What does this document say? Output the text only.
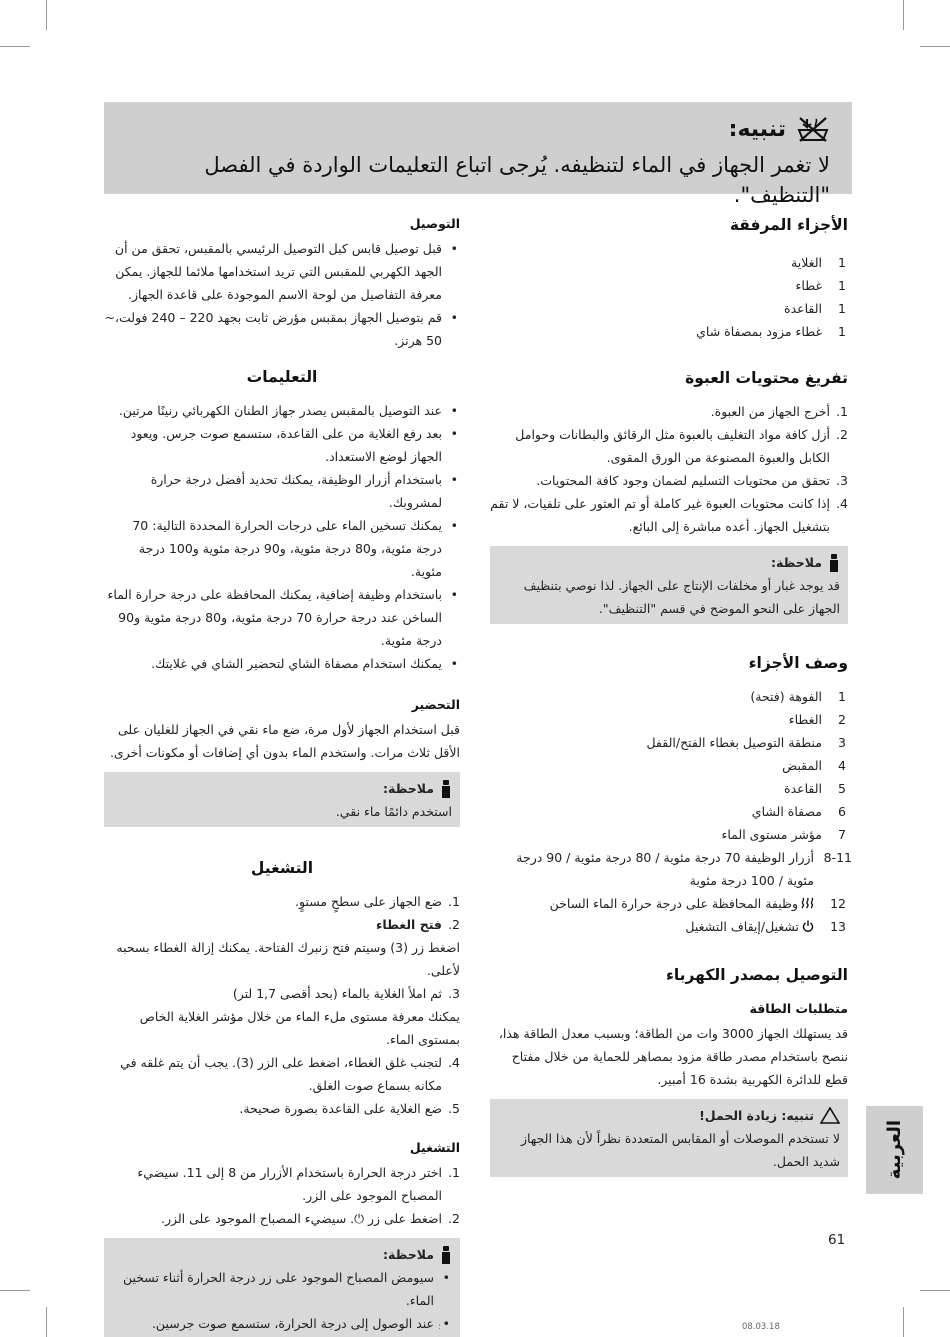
تنبيه:
لا تغمر الجهاز في الماء لتنظيفه. يُرجى اتباع التعليمات الواردة في الفصل "التنظيف".
الأجزاء المرفقة
1
الغلاية
1
غطاء
1
القاعدة
1
غطاء مزود بمصفاة شاي
تفريغ محتويات العبوة
1.
أخرج الجهاز من العبوة.
2.
أزل كافة مواد التغليف بالعبوة مثل الرقائق والبطانات وحوامل الكابل والعبوة المصنوعة من الورق المقوى.
3.
تحقق من محتويات التسليم لضمان وجود كافة المحتويات.
4.
إذا كانت محتويات العبوة غير كاملة أو تم العثور على تلفيات، لا تقم بتشغيل الجهاز. أعده مباشرة إلى البائع.
ملاحظة:
قد يوجد غبار أو مخلفات الإنتاج على الجهاز. لذا نوصي بتنظيف الجهاز على النحو الموضح في قسم "التنظيف".
وصف الأجزاء
1
الفوهة (فتحة)
2
الغطاء
3
منطقة التوصيل بغطاء الفتح/القفل
4
المقبض
5
القاعدة
6
مصفاة الشاي
7
مؤشر مستوى الماء
8-11
أزرار الوظيفة 70 درجة مئوية / 80 درجة مئوية / 90 درجة مئوية / 100 درجة مئوية
12
وظيفة المحافظة على درجة حرارة الماء الساخن
13
تشغيل/إيقاف التشغيل
التوصيل بمصدر الكهرباء
متطلبات الطاقة
قد يستهلك الجهاز 3000 وات من الطاقة؛ وبسبب معدل الطاقة هذا، ننصح باستخدام مصدر طاقة مزود بمصاهر للحماية من خلال مفتاح قطع للدائرة الكهربية بشدة 16 أمبير.
تنبيه: زيادة الحمل!
لا تستخدم الموصلات أو المقابس المتعددة نظراً لأن هذا الجهاز شديد الحمل.
التوصيل
• قبل توصيل قابس كبل التوصيل الرئيسي بالمقبس، تحقق من أن الجهد الكهربي للمقبس التي تريد استخدامها ملائما للجهاز. يمكن معرفة التفاصيل من لوحة الاسم الموجودة على قاعدة الجهاز.
• قم بتوصيل الجهاز بمقبس مؤرض ثابت بجهد 220 – 240 فولت،~ 50 هرتز.
التعليمات
• عند التوصيل بالمقبس يصدر جهاز الطنان الكهربائي رنينًا مرتين.
• بعد رفع الغلاية من على القاعدة، ستسمع صوت جرس. ويعود الجهاز لوضع الاستعداد.
• باستخدام أزرار الوظيفة، يمكنك تحديد أفضل درجة حرارة لمشروبك.
• يمكنك تسخين الماء على درجات الحرارة المحددة التالية: 70 درجة مئوية، و80 درجة مئوية، و90 درجة مئوية و100 درجة مئوية.
• باستخدام وظيفة إضافية، يمكنك المحافظة على درجة حرارة الماء الساخن عند درجة حرارة 70 درجة مئوية، و80 درجة مئوية و90 درجة مئوية.
• يمكنك استخدام مصفاة الشاي لتحضير الشاي في غلايتك.
التحضير
قبل استخدام الجهاز لأول مرة، ضع ماء نقي في الجهاز للغليان على الأقل ثلاث مرات. واستخدم الماء بدون أي إضافات أو مكونات أخرى.
ملاحظة:
استخدم دائمًا ماء نقي.
التشغيل
1.
ضع الجهاز على سطحٍ مستوٍ.
2.
فتح الغطاء
اضغط زر (3) وسيتم فتح زنبرك الفتاحة. يمكنك إزالة الغطاء بسحبه لأعلى.
3.
ثم املأ الغلاية بالماء (بحد أقصى 1,7 لتر)
يمكنك معرفة مستوى ملء الماء من خلال مؤشر الغلاية الخاص بمستوى الماء.
4.
لتجنب غلق الغطاء، اضغط على الزر (3). يجب أن يتم غلقه في مكانه بسماع صوت الغلق.
5.
ضع الغلاية على القاعدة بصورة صحيحة.
التشغيل
1.
اختر درجة الحرارة باستخدام الأزرار من 8 إلى 11. سيضيء المصباح الموجود على الزر.
2.
اضغط على زر ⏻. سيضيء المصباح الموجود على الزر.
ملاحظة:
• سيومض المصباح الموجود على زر درجة الحرارة أثناء تسخين الماء.
• عند الوصول إلى درجة الحرارة، ستسمع صوت جرسين.
العربية
61
:	08.03.18
